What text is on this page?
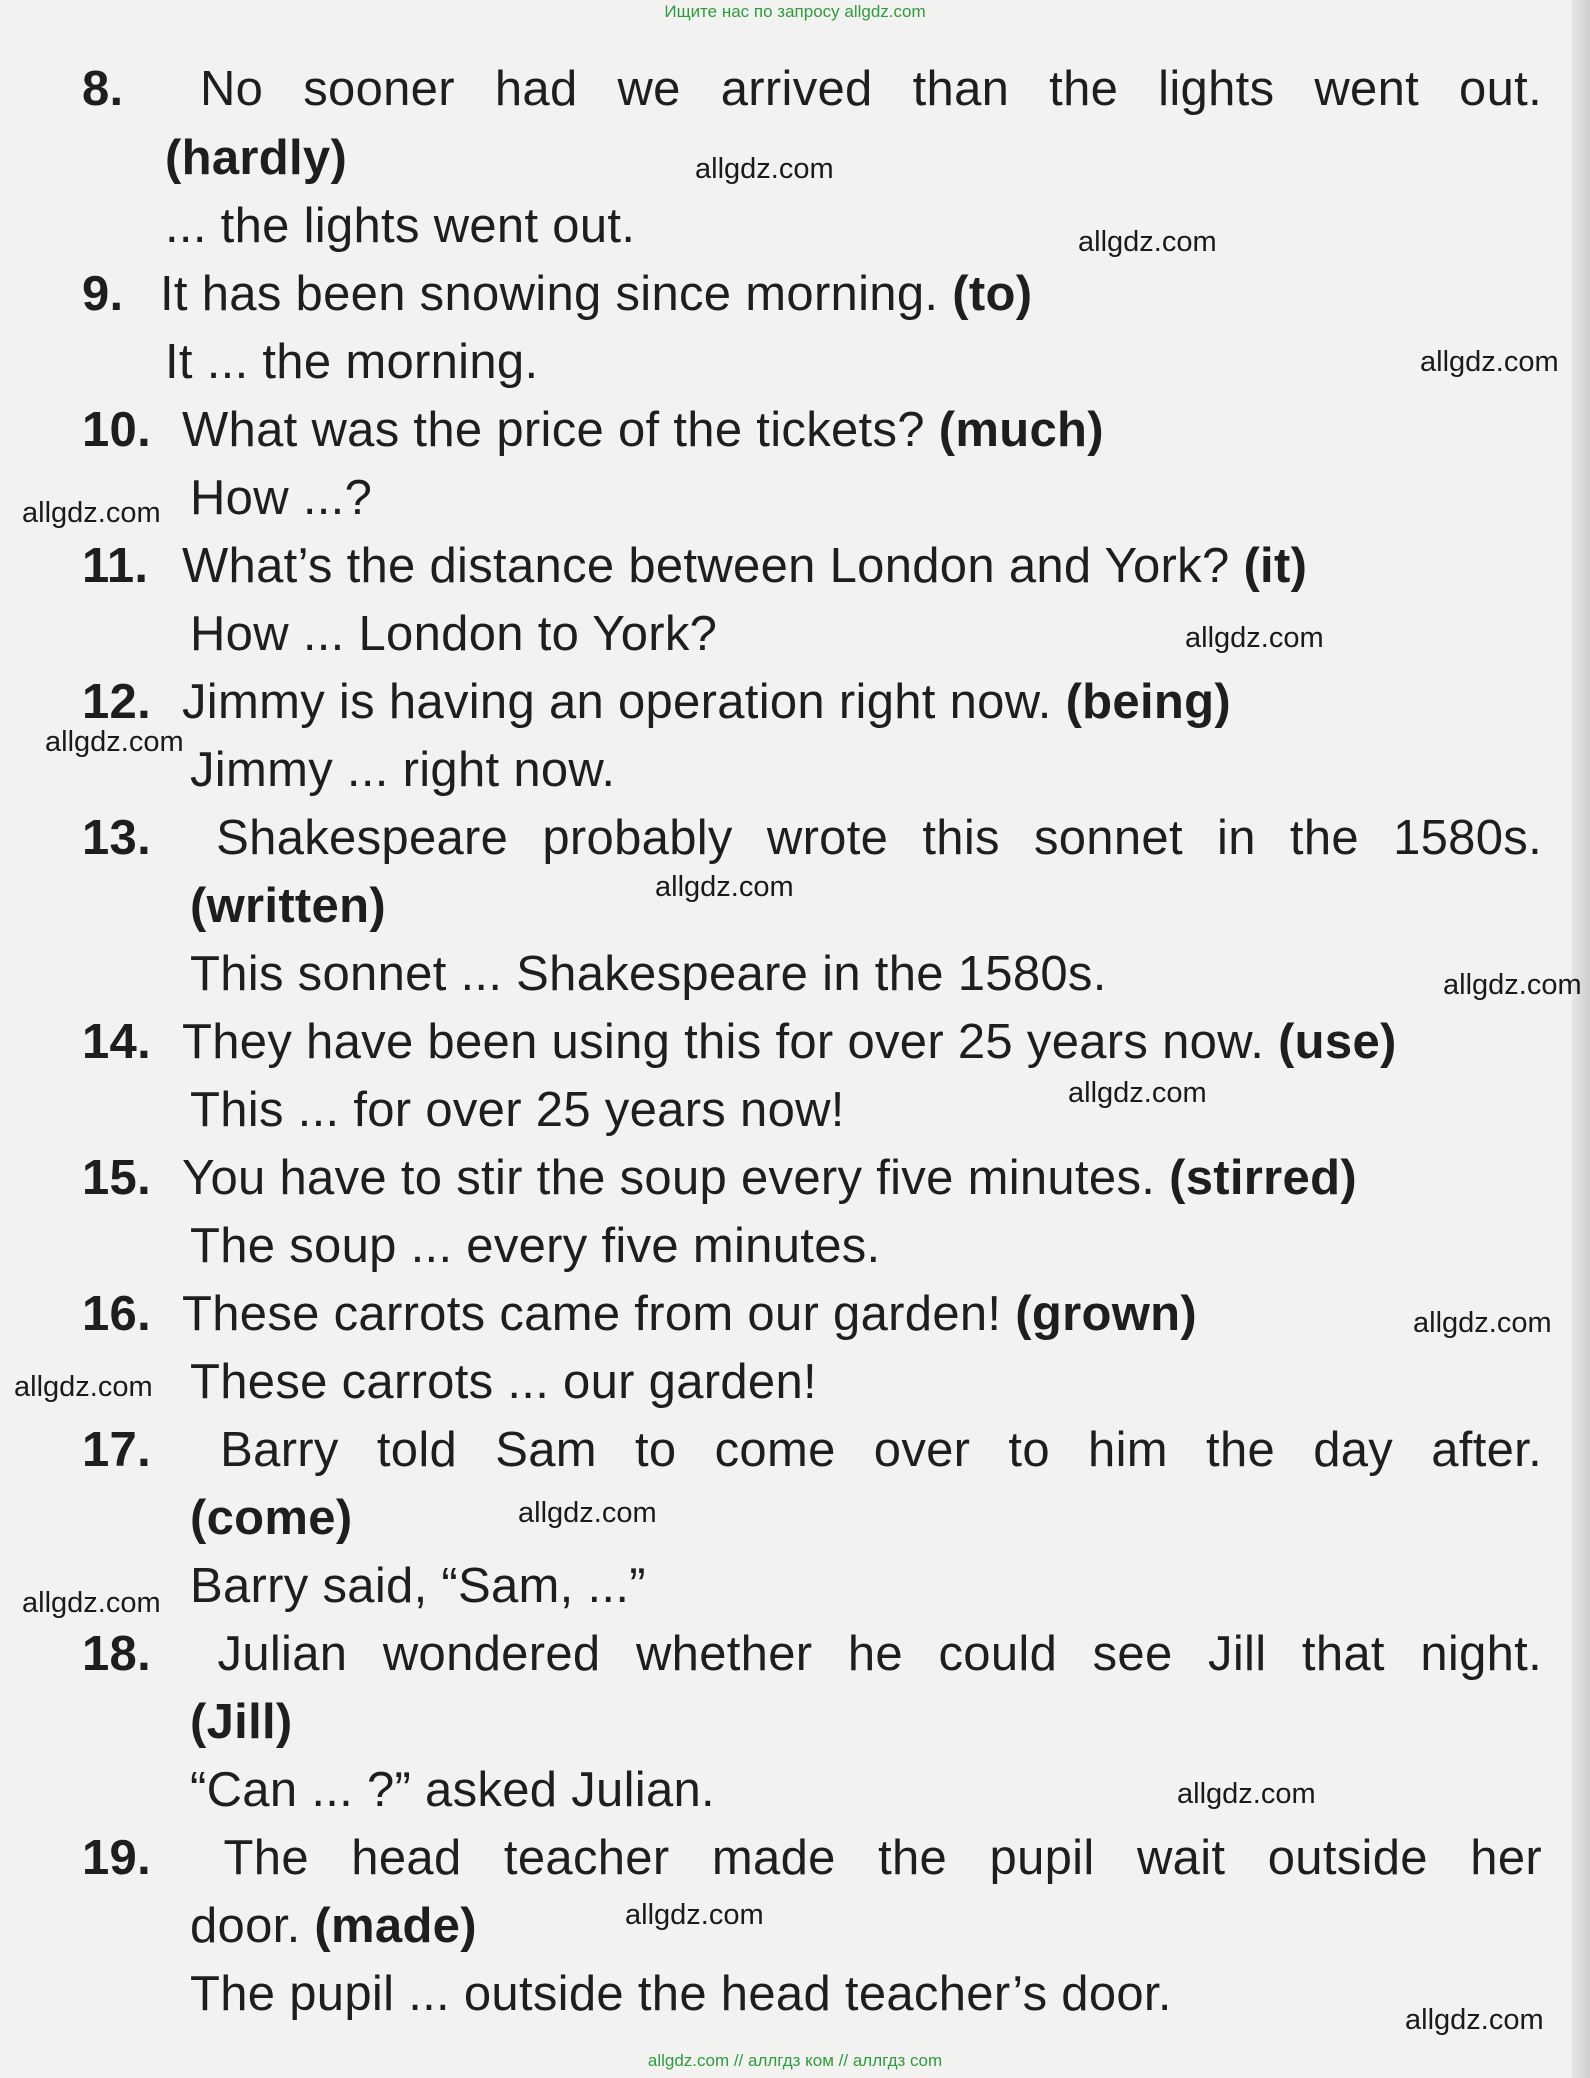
Ищите нас по запросу allgdz.com
8. No sooner had we arrived than the lights went out.
(hardly)
... the lights went out.
9. It has been snowing since morning. (to)
It ... the morning.
10. What was the price of the tickets? (much)
How ...?
11. What’s the distance between London and York? (it)
How ... London to York?
12. Jimmy is having an operation right now. (being)
Jimmy ... right now.
13. Shakespeare probably wrote this sonnet in the 1580s.
(written)
This sonnet ... Shakespeare in the 1580s.
14. They have been using this for over 25 years now. (use)
This ... for over 25 years now!
15. You have to stir the soup every five minutes. (stirred)
The soup ... every five minutes.
16. These carrots came from our garden! (grown)
These carrots ... our garden!
17. Barry told Sam to come over to him the day after.
(come)
Barry said, “Sam, ...”
18. Julian wondered whether he could see Jill that night.
(Jill)
“Can ... ?” asked Julian.
19. The head teacher made the pupil wait outside her
door. (made)
The pupil ... outside the head teacher’s door.
allgdz.com
allgdz.com
allgdz.com
allgdz.com
allgdz.com
allgdz.com
allgdz.com
allgdz.com
allgdz.com
allgdz.com
allgdz.com
allgdz.com
allgdz.com
allgdz.com
allgdz.com
allgdz.com
allgdz.com // аллгдз ком // аллгдз com
